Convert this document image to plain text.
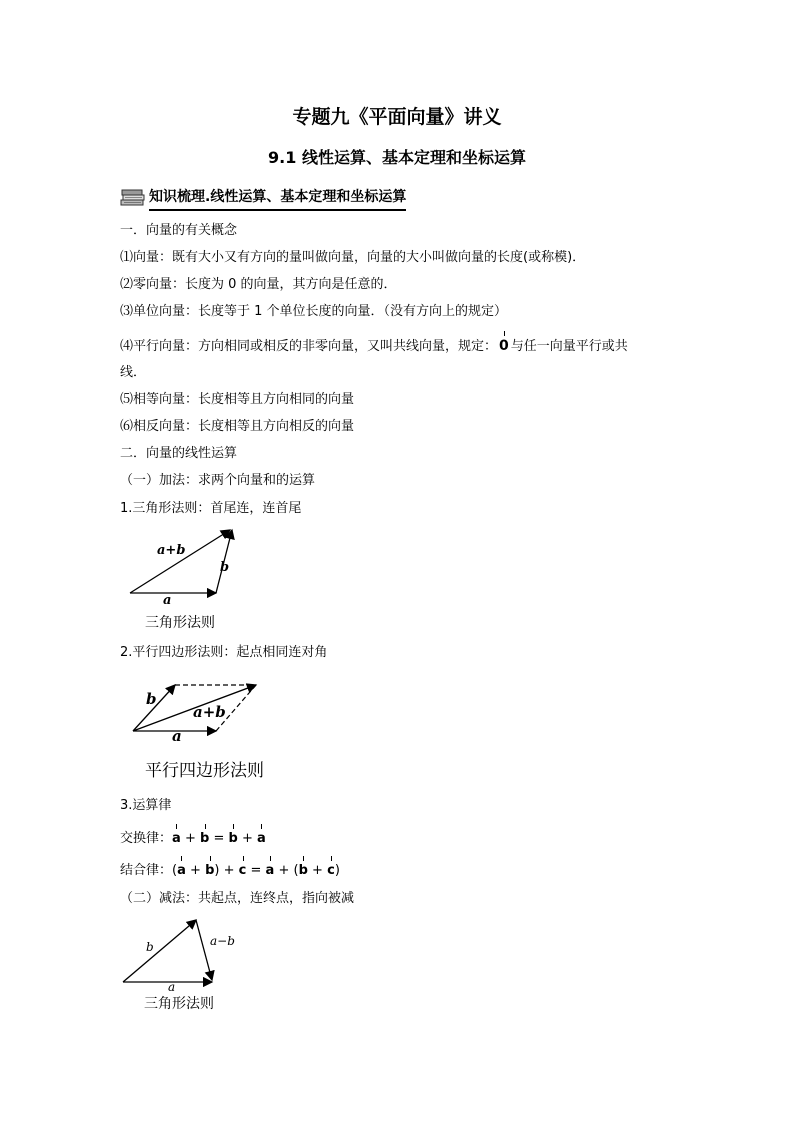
专题九《平面向量》讲义
9.1 线性运算、基本定理和坐标运算
知识梳理.线性运算、基本定理和坐标运算
一．向量的有关概念
⑴向量：既有大小又有方向的量叫做向量，向量的大小叫做向量的长度(或称模)．
⑵零向量：长度为 0 的向量，其方向是任意的．
⑶单位向量：长度等于 1 个单位长度的向量．（没有方向上的规定）
⑷平行向量：方向相同或相反的非零向量，又叫共线向量，规定： 0 与任一向量平行或共
线．
⑸相等向量：长度相等且方向相同的向量
⑹相反向量：长度相等且方向相反的向量
二．向量的线性运算
（一）加法：求两个向量和的运算
1.三角形法则：首尾连，连首尾
a+b
b
a
三角形法则
2.平行四边形法则：起点相同连对角
b
a+b
a
平行四边形法则
3.运算律
交换律：a + b = b + a
结合律：(a + b) + c = a + (b + c)
（二）减法：共起点，连终点，指向被减
b	a−b
a
三角形法则
